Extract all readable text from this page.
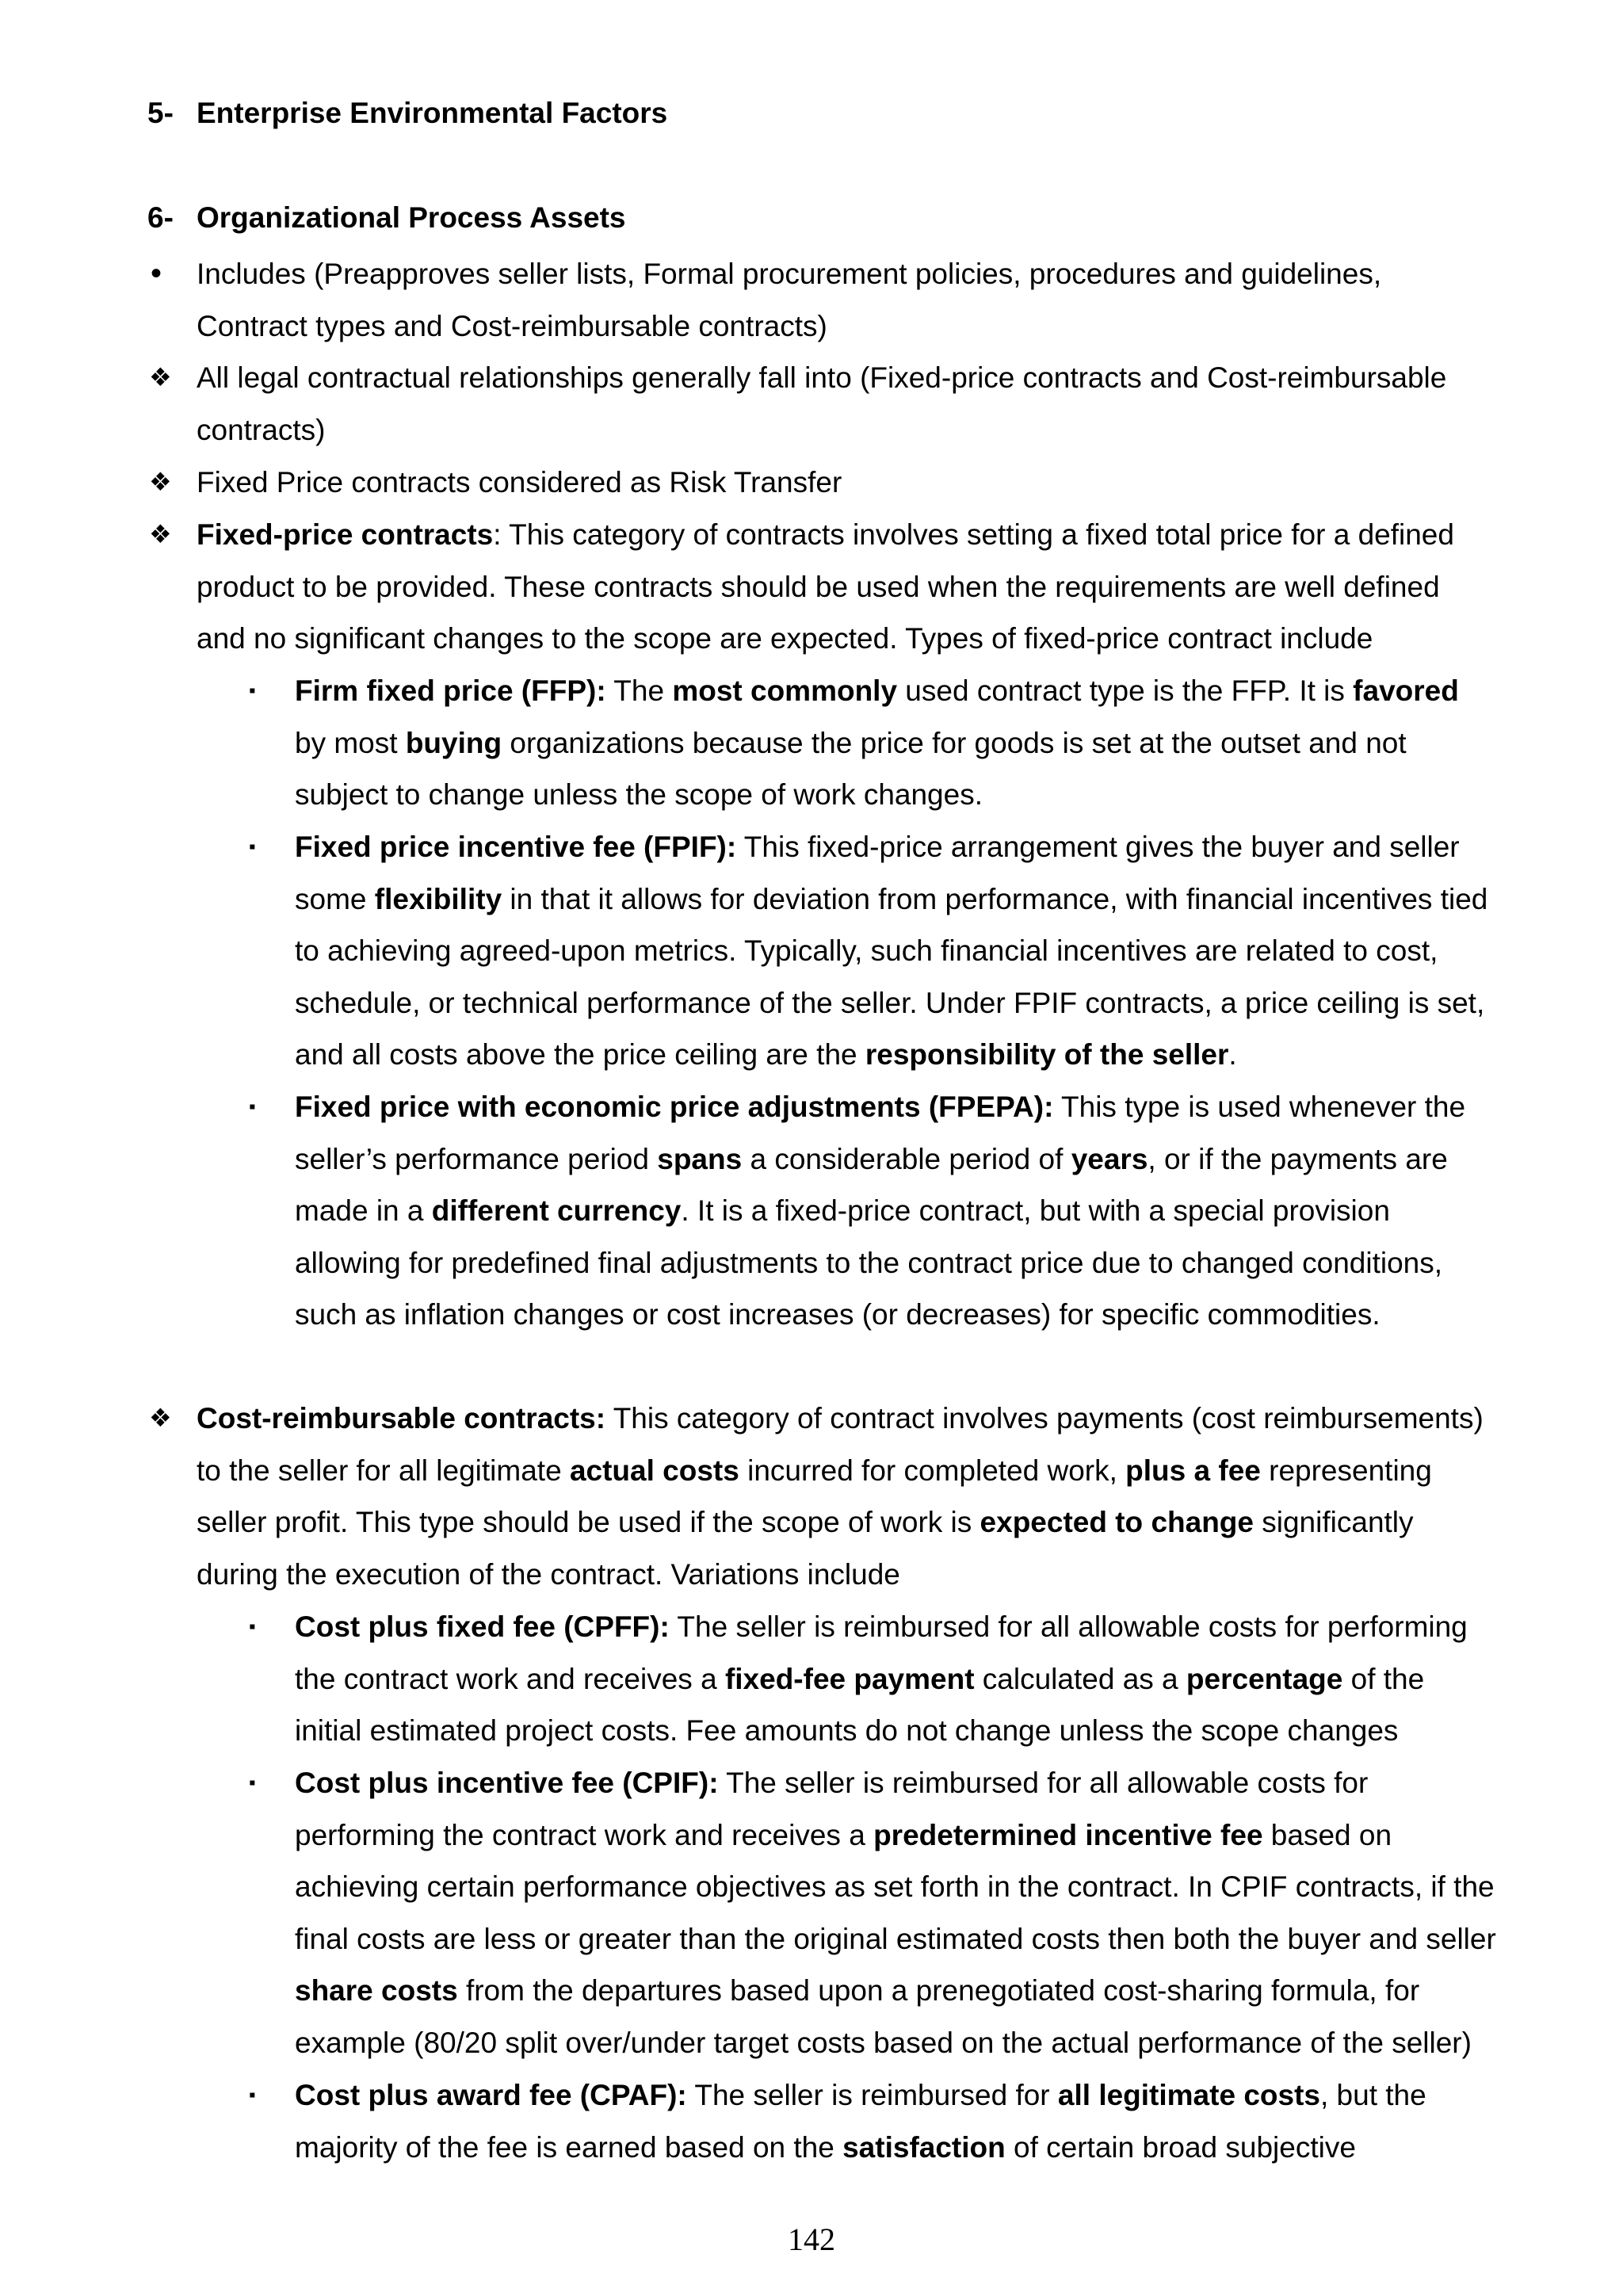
5- Enterprise Environmental Factors
6- Organizational Process Assets
• Includes (Preapproves seller lists, Formal procurement policies, procedures and guidelines,
Contract types and Cost-reimbursable contracts)
❖ All legal contractual relationships generally fall into (Fixed-price contracts and Cost-reimbursable
contracts)
❖ Fixed Price contracts considered as Risk Transfer
❖ Fixed-price contracts: This category of contracts involves setting a fixed total price for a defined
product to be provided. These contracts should be used when the requirements are well defined
and no significant changes to the scope are expected. Types of fixed-price contract include
▪ Firm fixed price (FFP): The most commonly used contract type is the FFP. It is favored
by most buying organizations because the price for goods is set at the outset and not
subject to change unless the scope of work changes.
▪ Fixed price incentive fee (FPIF): This fixed-price arrangement gives the buyer and seller
some flexibility in that it allows for deviation from performance, with financial incentives tied
to achieving agreed-upon metrics. Typically, such financial incentives are related to cost,
schedule, or technical performance of the seller. Under FPIF contracts, a price ceiling is set,
and all costs above the price ceiling are the responsibility of the seller.
▪ Fixed price with economic price adjustments (FPEPA): This type is used whenever the
seller’s performance period spans a considerable period of years, or if the payments are
made in a different currency. It is a fixed-price contract, but with a special provision
allowing for predefined final adjustments to the contract price due to changed conditions,
such as inflation changes or cost increases (or decreases) for specific commodities.
❖ Cost-reimbursable contracts: This category of contract involves payments (cost reimbursements)
to the seller for all legitimate actual costs incurred for completed work, plus a fee representing
seller profit. This type should be used if the scope of work is expected to change significantly
during the execution of the contract. Variations include
▪ Cost plus fixed fee (CPFF): The seller is reimbursed for all allowable costs for performing
the contract work and receives a fixed-fee payment calculated as a percentage of the
initial estimated project costs. Fee amounts do not change unless the scope changes
▪ Cost plus incentive fee (CPIF): The seller is reimbursed for all allowable costs for
performing the contract work and receives a predetermined incentive fee based on
achieving certain performance objectives as set forth in the contract. In CPIF contracts, if the
final costs are less or greater than the original estimated costs then both the buyer and seller
share costs from the departures based upon a prenegotiated cost-sharing formula, for
example (80/20 split over/under target costs based on the actual performance of the seller)
▪ Cost plus award fee (CPAF): The seller is reimbursed for all legitimate costs, but the
majority of the fee is earned based on the satisfaction of certain broad subjective
142
